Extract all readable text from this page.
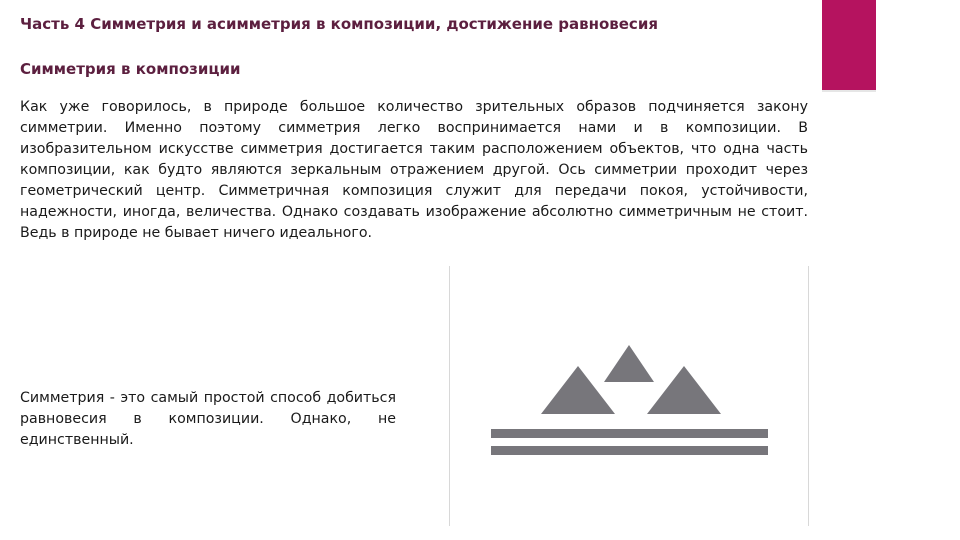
Часть 4 Симметрия и асимметрия в композиции, достижение равновесия
Симметрия в композиции

Как уже говорилось, в природе большое количество зрительных образов подчиняется закону симметрии. Именно поэтому симметрия легко воспринимается нами и в композиции. В изобразительном искусстве симметрия достигается таким расположением объектов, что одна часть композиции, как будто являются зеркальным отражением другой. Ось симметрии проходит через геометрический центр. Симметричная композиция служит для передачи покоя, устойчивости, надежности, иногда, величества. Однако создавать изображение абсолютно симметричным не стоит. Ведь в природе не бывает ничего идеального.

Симметрия - это самый простой способ добиться равновесия в композиции. Однако, не единственный.
